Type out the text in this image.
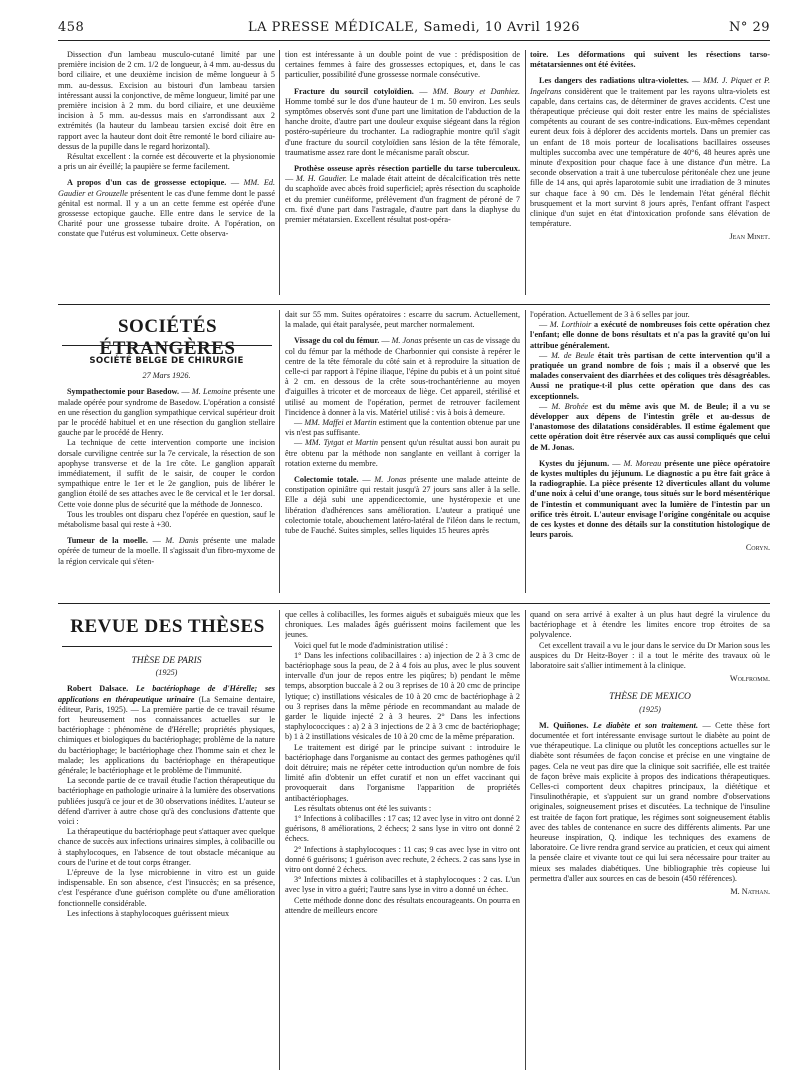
458	LA PRESSE MÉDICALE, Samedi, 10 Avril 1926	N° 29

Dissection d'un lambeau musculo-cutané limité par une première incision de 2 cm. 1/2 de longueur, à 4 mm. au-dessus du bord ciliaire, et une deuxième incision de même longueur à 5 mm. au-dessus. Excision au bistouri d'un lambeau tarsien intéressant aussi la conjonctive, de même longueur, limité par une première incision à 2 mm. du bord ciliaire, et une deuxième incision à 5 mm. au-dessus mais en s'arrondissant aux 2 extrémités (la hauteur du lambeau tarsien excisé doit être en rapport avec la hauteur dont doit être remonté le bord ciliaire au-dessus de la pupille dans le regard horizontal).

Résultat excellent : la cornée est découverte et la physionomie a pris un air éveillé; la paupière se ferme facilement.

A propos d'un cas de grossesse ectopique. — MM. Ed. Gaudier et Grouzelle présentent le cas d'une femme dont le passé génital est normal. Il y a un an cette femme est opérée d'une grossesse ectopique gauche. Elle entre dans le service de la Charité pour une grossesse tubaire droite. A l'opération, on constate que l'utérus est volumineux. Cette observa-

tion est intéressante à un double point de vue : prédisposition de certaines femmes à faire des grossesses ectopiques, et, dans le cas particulier, possibilité d'une grossesse normale consécutive.

Fracture du sourcil cotyloïdien. — MM. Boury et Danhiez. Homme tombé sur le dos d'une hauteur de 1 m. 50 environ. Les seuls symptômes observés sont d'une part une limitation de l'abduction de la hanche droite, d'autre part une douleur exquise siégeant dans la région postéro-supérieure du trochanter. La radiographie montre qu'il s'agit d'une fracture du sourcil cotyloïdien sans lésion de la tête fémorale, traumatisme assez rare dont le mécanisme paraît obscur.

Prothèse osseuse après résection partielle du tarse tuberculeux. — M. H. Gaudier. Le malade était atteint de décalcification très nette du scaphoïde avec abcès froid superficiel; après résection du scaphoïde et du premier cunéiforme, prélèvement d'un fragment de péroné de 7 cm. fixé d'une part dans l'astragale, d'autre part dans la diaphyse du premier métatarsien. Excellent résultat post-opéra-

toire. Les déformations qui suivent les résections tarso-métatarsiennes ont été évitées.

Les dangers des radiations ultra-violettes. — MM. J. Piquet et P. Ingelrans considèrent que le traitement par les rayons ultra-violets est capable, dans certains cas, de déterminer de graves accidents. C'est une thérapeutique précieuse qui doit rester entre les mains de spécialistes compétents au courant de ses contre-indications. Eux-mêmes cependant eurent deux fois à déplorer des accidents mortels. Dans un premier cas un enfant de 18 mois porteur de localisations bacillaires osseuses multiples succomba avec une température de 40°6, 48 heures après une minute d'exposition pour chaque face à une distance d'un mètre. La seconde observation a trait à une tuberculose péritonéale chez une jeune fille de 14 ans, qui après laparotomie subit une irradiation de 3 minutes sur chaque face à 90 cm. Dès le lendemain l'état général fléchit brusquement et la mort survint 8 jours après, l'enfant offrant l'aspect clinique d'un sujet en état d'intoxication profonde sans élévation de température.

Jean Minet.
SOCIÉTÉS ÉTRANGÈRES
SOCIÉTÉ BELGE DE CHIRURGIE
27 Mars 1926.

Sympathectomie pour Basedow. — M. Lemoine présente une malade opérée pour syndrome de Basedow. L'opération a consisté en une résection du ganglion sympathique cervical supérieur droit par le procédé habituel et en une résection du ganglion stellaire gauche par le procédé de Henry.

La technique de cette intervention comporte une incision dorsale curviligne centrée sur la 7e cervicale, la résection de son apophyse transverse et de la 1re côte. Le ganglion apparaît immédiatement, il suffit de le saisir, de couper le cordon sympathique entre le 1er et le 2e ganglion, puis de libérer le ganglion étoilé de ses attaches avec le 8e cervical et le 1er dorsal. Cette voie donne plus de sécurité que la méthode de Jonnesco.

Tous les troubles ont disparu chez l'opérée en question, sauf le métabolisme basal qui reste à +30.

Tumeur de la moelle. — M. Danis présente une malade opérée de tumeur de la moelle. Il s'agissait d'un fibro-myxome de la région cervicale qui s'éten-

dait sur 55 mm. Suites opératoires : escarre du sacrum. Actuellement, la malade, qui était paralysée, peut marcher normalement.

Vissage du col du fémur. — M. Jonas présente un cas de vissage du col du fémur par la méthode de Charbonnier qui consiste à repérer le centre de la tête fémorale du côté sain et à reproduire la situation de celle-ci par rapport à l'épine iliaque, l'épine du pubis et à un point situé à 2 cm. en dessous de la crête sous-trochantérienne au moyen d'aiguilles à tricoter et de morceaux de liège. Cet appareil, stérilisé et utilisé au moment de l'opération, permet de retrouver facilement l'incidence à donner à la vis. Matériel utilisé : vis à bois à demeure.

— MM. Maffei et Martin estiment que la contention obtenue par une vis n'est pas suffisante.

— MM. Tytgat et Martin pensent qu'un résultat aussi bon aurait pu être obtenu par la méthode non sanglante en veillant à corriger la rotation externe du membre.

Colectomie totale. — M. Jonas présente une malade atteinte de constipation opiniâtre qui restait jusqu'à 27 jours sans aller à la selle. Elle a déjà subi une appendicectomie, une hystéropexie et une libération d'adhérences sans amélioration. L'auteur a pratiqué une colectomie totale, abouchement latéro-latéral de l'iléon dans le rectum, tube de Fauché. Suites simples, selles liquides 15 heures après

l'opération. Actuellement de 3 à 6 selles par jour.

— M. Lorthioir a exécuté de nombreuses fois cette opération chez l'enfant; elle donne de bons résultats et n'a pas la gravité qu'on lui attribue généralement.

— M. de Beule était très partisan de cette intervention qu'il a pratiquée un grand nombre de fois ; mais il a observé que les malades conservaient des diarrhées et des coliques très désagréables. Aussi ne pratique-t-il plus cette opération que dans des cas exceptionnels.

— M. Brohée est du même avis que M. de Beule; il a vu se développer aux dépens de l'intestin grêle et au-dessus de l'anastomose des dilatations considérables. Il estime également que cette opération doit être réservée aux cas aussi compliqués que celui de M. Jonas.

Kystes du jéjunum. — M. Moreau présente une pièce opératoire de kystes multiples du jéjunum. Le diagnostic a pu être fait grâce à la radiographie. La pièce présente 12 diverticules allant du volume d'une noix à celui d'une orange, tous situés sur le bord mésentérique de l'intestin et communiquant avec la lumière de l'intestin par un orifice très étroit. L'auteur envisage l'origine congénitale ou acquise de ces kystes et donne des détails sur la constitution histologique de leurs parois.

Coryn.
REVUE DES THÈSES
THÈSE DE PARIS
(1925)

Robert Dalsace. Le bactériophage de d'Hérelle; ses applications en thérapeutique urinaire (La Semaine dentaire, éditeur, Paris, 1925). — La première partie de ce travail résume fort heureusement nos connaissances actuelles sur le bactériophage : phénomène de d'Hérelle; propriétés physiques, chimiques et biologiques du bactériophage; problème de la nature du bactériophage; le bactériophage chez l'homme sain et chez le malade; les applications du bactériophage en thérapeutique générale; le bactériophage et le problème de l'immunité.

La seconde partie de ce travail étudie l'action thérapeutique du bactériophage en pathologie urinaire à la lumière des observations publiées jusqu'à ce jour et de 30 observations inédites. L'auteur se défend d'arriver à autre chose qu'à des conclusions d'attente que voici :

La thérapeutique du bactériophage peut s'attaquer avec quelque chance de succès aux infections urinaires simples, à colibacille ou à staphylocoques, en l'absence de tout obstacle mécanique au cours de l'urine et de tout corps étranger.

L'épreuve de la lyse microbienne in vitro est un guide indispensable. En son absence, c'est l'insuccès; en sa présence, c'est l'espérance d'une guérison complète ou d'une amélioration fonctionnelle considérable.

Les infections à staphylocoques guérissent mieux

que celles à colibacilles, les formes aiguës et subaiguës mieux que les chroniques. Les malades âgés guérissent moins facilement que les jeunes.

Voici quel fut le mode d'administration utilisé :

1° Dans les infections colibacillaires : a) injection de 2 à 3 cmc de bactériophage sous la peau, de 2 à 4 fois au plus, avec le plus souvent intervalle d'un jour de repos entre les piqûres; b) pendant le même temps, absorption buccale à 2 ou 3 reprises de 10 à 20 cmc de principe lytique; c) instillations vésicales de 10 à 20 cmc de bactériophage à 2 ou 3 reprises dans la même période en recommandant au malade de garder le liquide injecté 2 à 3 heures. 2° Dans les infections staphylococciques : a) 2 à 3 injections de 2 à 3 cmc de bactériophage; b) 1 à 2 instillations vésicales de 10 à 20 cmc de la même préparation.

Le traitement est dirigé par le principe suivant : introduire le bactériophage dans l'organisme au contact des germes pathogènes qu'il doit détruire; mais ne répéter cette introduction qu'un nombre de fois limité afin d'obtenir un effet curatif et non un effet vaccinant qui provoquerait dans l'organisme l'apparition de propriétés antibactériophages.

Les résultats obtenus ont été les suivants :

1° Infections à colibacilles : 17 cas; 12 avec lyse in vitro ont donné 2 guérisons, 8 améliorations, 2 échecs; 2 sans lyse in vitro ont donné 2 échecs.

2° Infections à staphylocoques : 11 cas; 9 cas avec lyse in vitro ont donné 6 guérisons; 1 guérison avec rechute, 2 échecs. 2 cas sans lyse in vitro ont donné 2 échecs.

3° Infections mixtes à colibacilles et à staphylocoques : 2 cas. L'un avec lyse in vitro a guéri; l'autre sans lyse in vitro a donné un échec.

Cette méthode donne donc des résultats encourageants. On pourra en attendre de meilleurs encore

quand on sera arrivé à exalter à un plus haut degré la virulence du bactériophage et à étendre les limites encore trop étroites de sa polyvalence.

Cet excellent travail a vu le jour dans le service du Dr Marion sous les auspices du Dr Heitz-Boyer : il a tout le mérite des travaux où le laboratoire sait s'allier intimement à la clinique.

Wolfromm.
THÈSE DE MEXICO
(1925)

M. Quiñones. Le diabète et son traitement. — Cette thèse fort documentée et fort intéressante envisage surtout le diabète au point de vue thérapeutique. La clinique ou plutôt les conceptions actuelles sur le diabète sont résumées de façon concise et précise en une vingtaine de pages. Cela ne veut pas dire que la clinique soit sacrifiée, elle est traitée de façon brève mais explicite à propos des indications thérapeutiques. Celles-ci comportent deux chapitres principaux, la diététique et l'insulinothérapie, et s'appuient sur un grand nombre d'observations originales, soigneusement prises et discutées. La technique de l'insuline est traitée de façon fort pratique, les régimes sont soigneusement établis avec des tables de contenance en sucre des différents aliments. Par une heureuse inspiration, Q. indique les techniques des examens de laboratoire. Ce livre rendra grand service au praticien, et ceux qui aiment la pensée claire et vivante tout ce qui lui sera nécessaire pour traiter au mieux ses malades diabétiques. Une bibliographie très copieuse lui permettra d'aller aux sources en cas de besoin (450 références).

M. Nathan.
